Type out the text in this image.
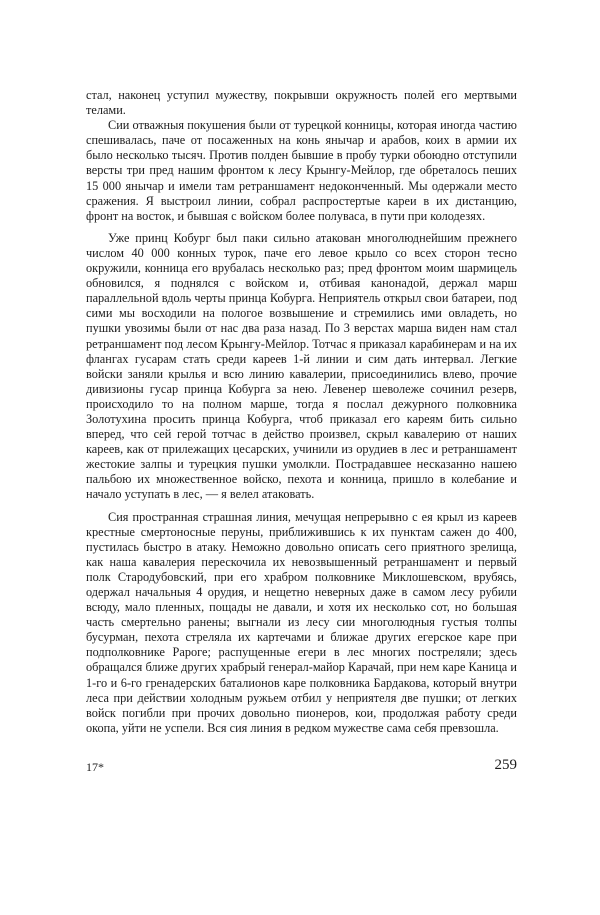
стал, наконец уступил мужеству, покрывши окружность полей его мертвыми телами.

Сии отважныя покушения были от турецкой конницы, которая иногда частию спешивалась, паче от посаженных на конь янычар и арабов, коих в армии их было несколько тысяч. Против полден бывшие в пробу турки обоюдно отступили версты три пред нашим фронтом к лесу Крынгу-Мейлор, где обреталось пеших 15 000 янычар и имели там ретраншамент недоконченный. Мы одержали место сражения. Я выстроил линии, собрал распростертые кареи в их дистанцию, фронт на восток, и бывшая с войском более полуваса, в пути при колодезях.

Уже принц Кобург был паки сильно атакован многолюднейшим прежнего числом 40 000 конных турок, паче его левое крыло со всех сторон тесно окружили, конница его врубалась несколько раз; пред фронтом моим шармицель обновился, я поднялся с войском и, отбивая канонадой, держал марш параллельной вдоль черты принца Кобурга. Неприятель открыл свои батареи, под сими мы восходили на пологое возвышение и стремились ими овладеть, но пушки увозимы были от нас два раза назад. По 3 верстах марша виден нам стал ретраншамент под лесом Крынгу-Мейлор. Тотчас я приказал карабинерам и на их флангах гусарам стать среди кареев 1-й линии и сим дать интервал. Легкие войски заняли крылья и всю линию кавалерии, присоединились влево, прочие дивизионы гусар принца Кобурга за нею. Левенер шеволеже сочинил резерв, происходило то на полном марше, тогда я послал дежурного полковника Золотухина просить принца Кобурга, чтоб приказал его кареям бить сильно вперед, что сей герой тотчас в действо произвел, скрыл кавалерию от наших кареев, как от прилежащих цесарских, учинили из орудиев в лес и ретраншамент жестокие залпы и турецкия пушки умолкли. Пострадавшее несказанно нашею пальбою их множественное войско, пехота и конница, пришло в колебание и начало уступать в лес, — я велел атаковать.

Сия пространная страшная линия, мечущая непрерывно с ея крыл из кареев крестные смертоносные перуны, приближившись к их пунктам сажен до 400, пустилась быстро в атаку. Неможно довольно описать сего приятного зрелища, как наша кавалерия перескочила их невозвышенный ретраншамент и первый полк Стародубовский, при его храбром полковнике Миклошевском, врубясь, одержал начальныя 4 орудия, и нещетно неверных даже в самом лесу рубили всюду, мало пленных, пощады не давали, и хотя их несколько сот, но большая часть смертельно ранены; выгнали из лесу сии многолюдныя густыя толпы бусурман, пехота стреляла их картечами и ближае других егерское каре при подполковнике Рароге; распущенные егери в лес многих постреляли; здесь обращался ближе других храбрый генерал-майор Карачай, при нем каре Каница и 1-го и 6-го гренадерских баталионов каре полковника Бардакова, который внутри леса при действии холодным ружьем отбил у неприятеля две пушки; от легких войск погибли при прочих довольно пионеров, кои, продолжая работу среди окопа, уйти не успели. Вся сия линия в редком мужестве сама себя превзошла.

17*	259
